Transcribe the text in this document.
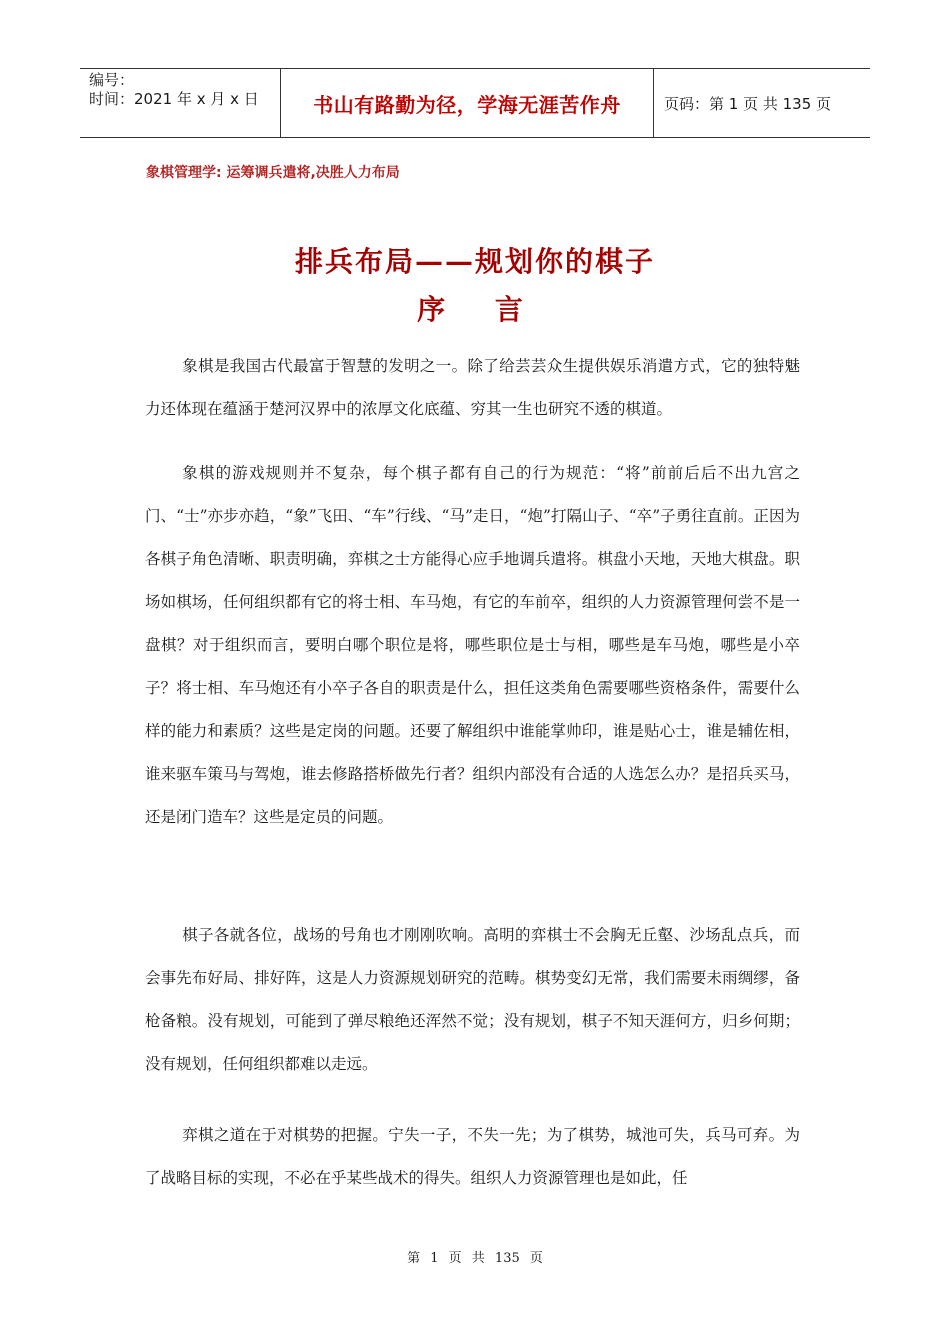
编号：
时间：2021 年 x 月 x 日	书山有路勤为径，学海无涯苦作舟	页码：第 1 页 共 135 页
象棋管理学: 运筹调兵遣将,决胜人力布局
排兵布局——规划你的棋子
序 言

象棋是我国古代最富于智慧的发明之一。除了给芸芸众生提供娱乐消遣方式，它的独特魅力还体现在蕴涵于楚河汉界中的浓厚文化底蕴、穷其一生也研究不透的棋道。

象棋的游戏规则并不复杂，每个棋子都有自己的行为规范：“将”前前后后不出九宫之门、“士”亦步亦趋，“象”飞田、“车”行线、“马”走日，“炮”打隔山子、“卒”子勇往直前。正因为各棋子角色清晰、职责明确，弈棋之士方能得心应手地调兵遣将。棋盘小天地，天地大棋盘。职场如棋场，任何组织都有它的将士相、车马炮，有它的车前卒，组织的人力资源管理何尝不是一盘棋？对于组织而言，要明白哪个职位是将，哪些职位是士与相，哪些是车马炮，哪些是小卒子？将士相、车马炮还有小卒子各自的职责是什么，担任这类角色需要哪些资格条件，需要什么样的能力和素质？这些是定岗的问题。还要了解组织中谁能掌帅印，谁是贴心士，谁是辅佐相，谁来驱车策马与驾炮，谁去修路搭桥做先行者？组织内部没有合适的人选怎么办？是招兵买马，还是闭门造车？这些是定员的问题。

棋子各就各位，战场的号角也才刚刚吹响。高明的弈棋士不会胸无丘壑、沙场乱点兵，而会事先布好局、排好阵，这是人力资源规划研究的范畴。棋势变幻无常，我们需要未雨绸缪，备枪备粮。没有规划，可能到了弹尽粮绝还浑然不觉；没有规划，棋子不知天涯何方，归乡何期；没有规划，任何组织都难以走远。

弈棋之道在于对棋势的把握。宁失一子，不失一先；为了棋势，城池可失，兵马可弃。为了战略目标的实现，不必在乎某些战术的得失。组织人力资源管理也是如此，任

第 1 页 共 135 页
